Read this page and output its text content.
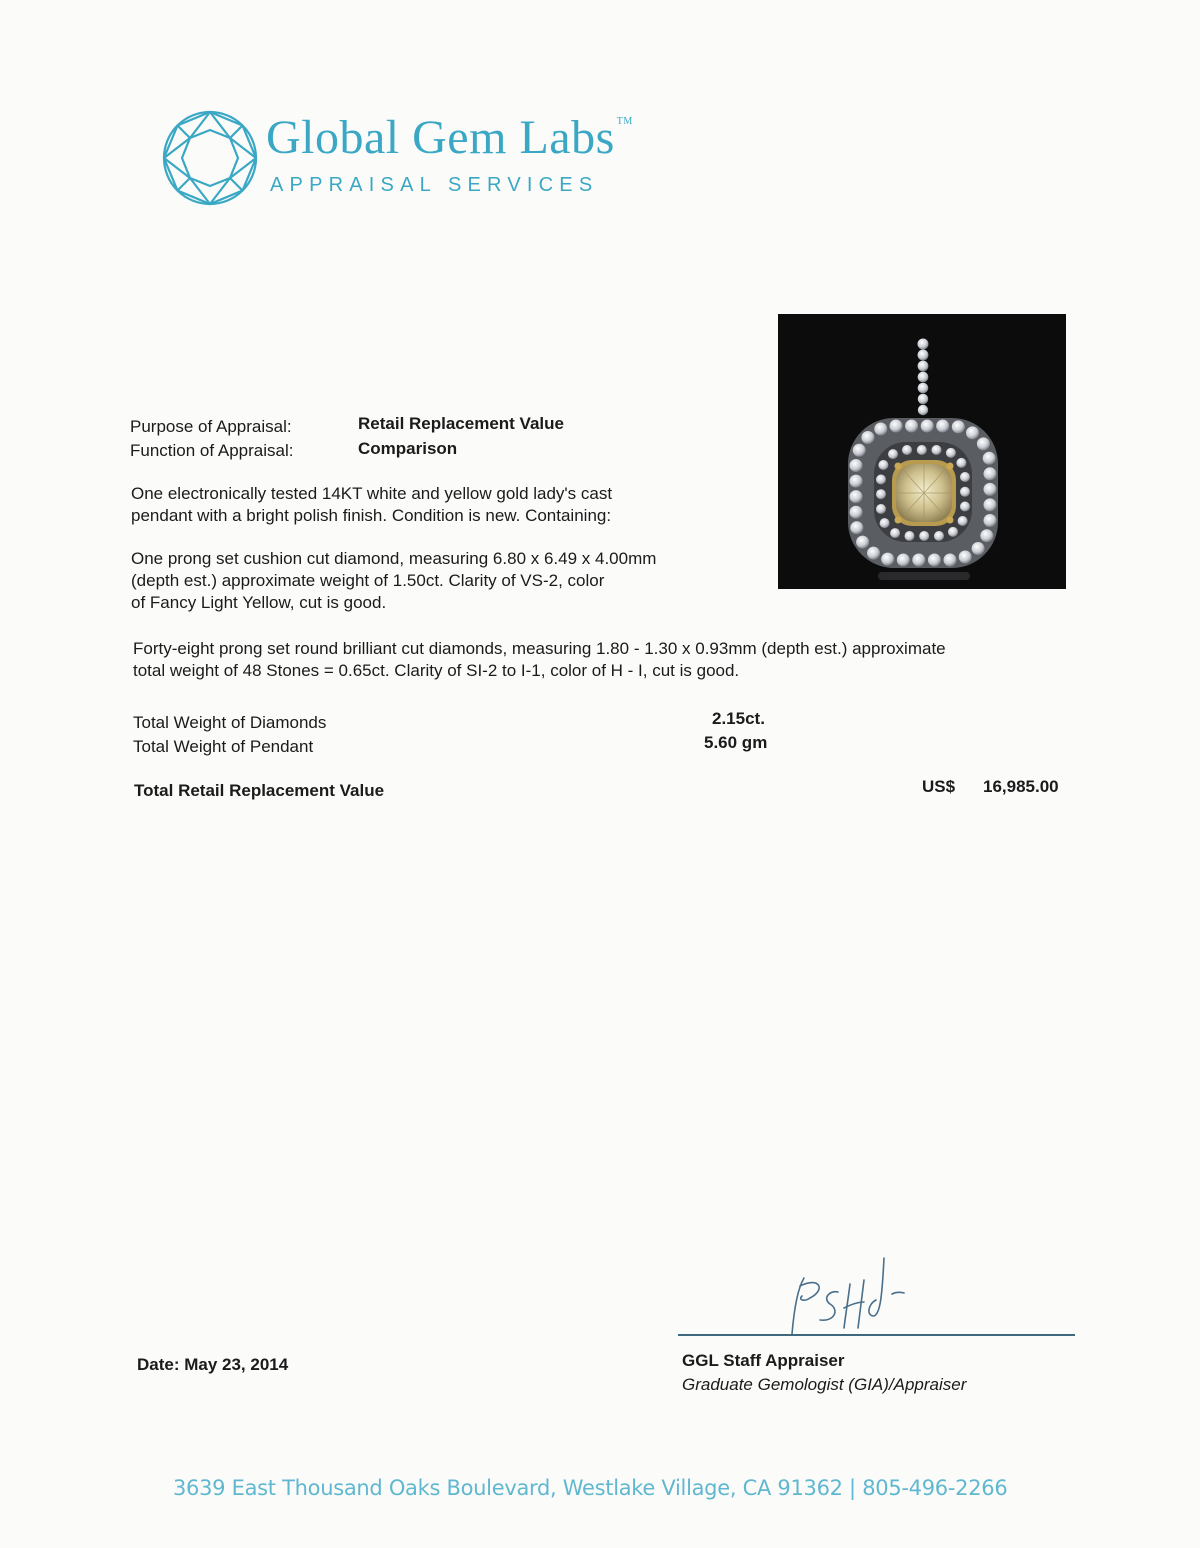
Global Gem Labs ™
APPRAISAL SERVICES
Purpose of Appraisal:
Function of Appraisal:
Retail Replacement Value
Comparison
One electronically tested 14KT white and yellow gold lady's cast
pendant with a bright polish finish. Condition is new. Containing:
One prong set cushion cut diamond, measuring 6.80 x 6.49 x 4.00mm
(depth est.) approximate weight of 1.50ct. Clarity of VS-2, color
of Fancy Light Yellow, cut is good.
Forty-eight prong set round brilliant cut diamonds, measuring 1.80 - 1.30 x 0.93mm (depth est.) approximate
total weight of 48 Stones = 0.65ct. Clarity of SI-2 to I-1, color of H - I, cut is good.
Total Weight of Diamonds
Total Weight of Pendant
2.15ct.
5.60 gm
Total Retail Replacement Value	US$ 16,985.00
GGL Staff Appraiser
Graduate Gemologist (GIA)/Appraiser
Date: May 23, 2014
3639 East Thousand Oaks Boulevard, Westlake Village, CA 91362 | 805-496-2266
